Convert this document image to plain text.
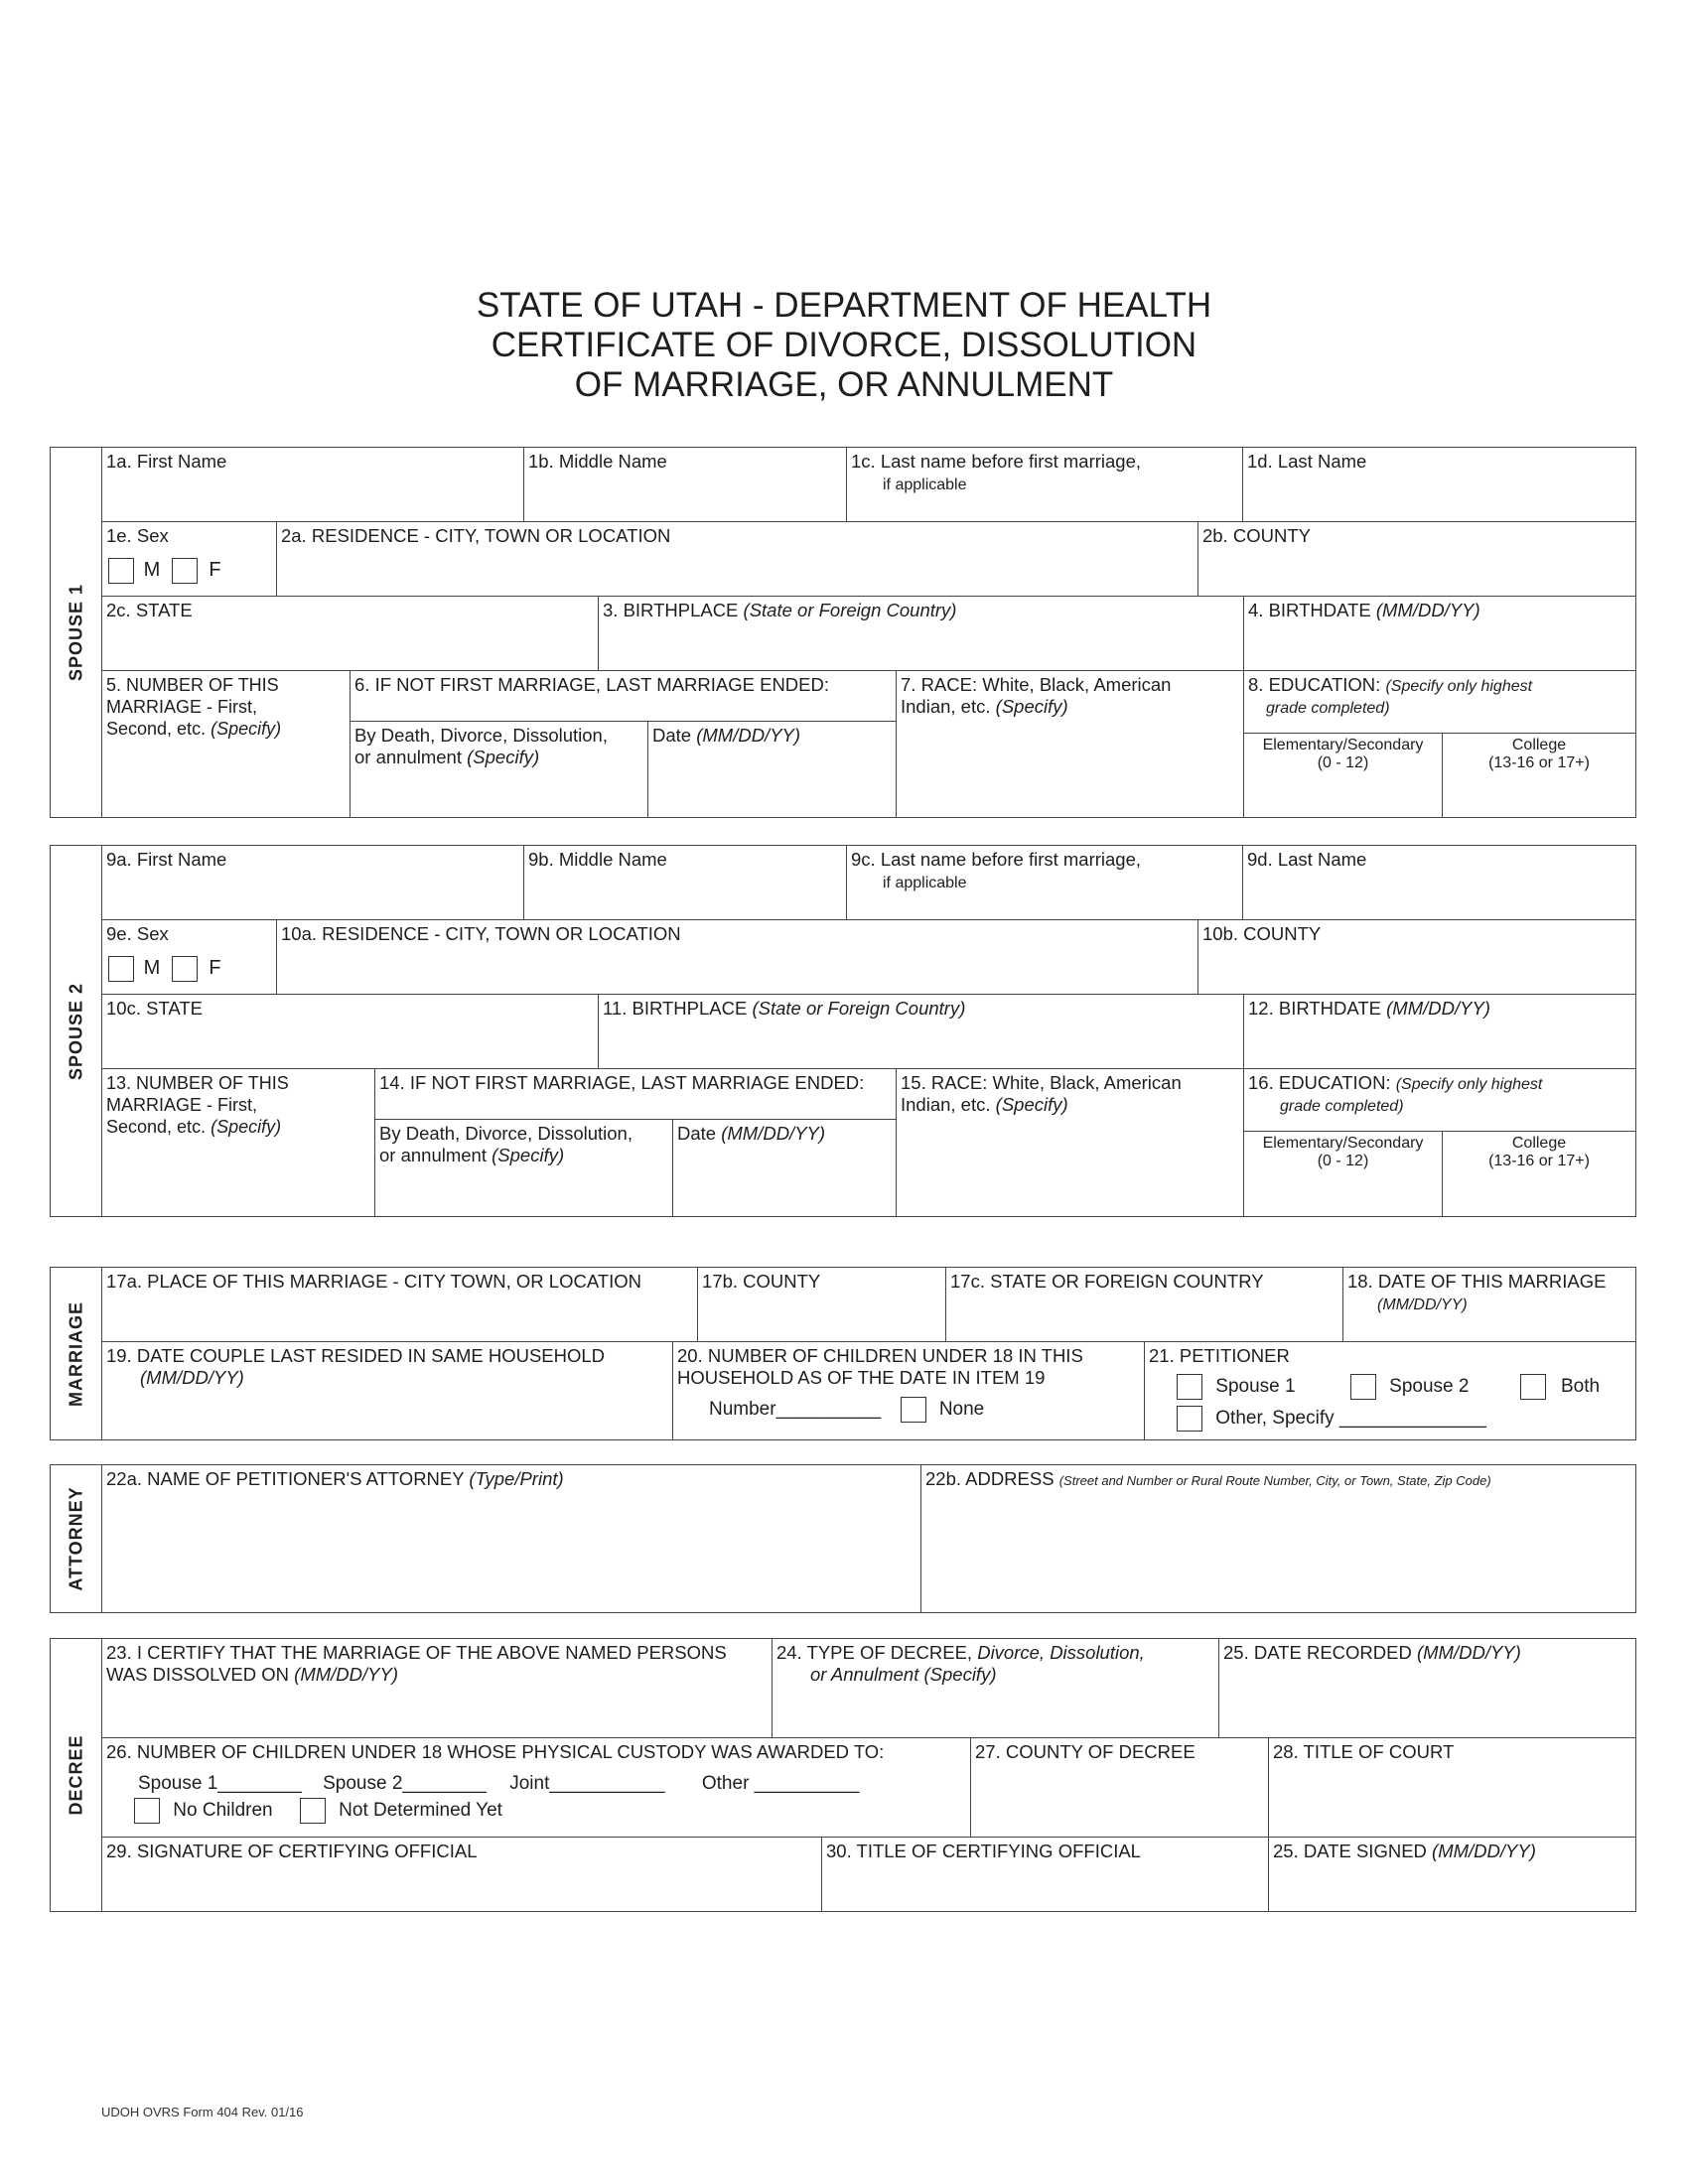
STATE OF UTAH - DEPARTMENT OF HEALTH
CERTIFICATE OF DIVORCE, DISSOLUTION
OF MARRIAGE, OR ANNULMENT
SPOUSE 1
1a. First Name	1b. Middle Name	1c. Last name before first marriage,
if applicable
1d. Last Name
1e. Sex
M F
2a. RESIDENCE - CITY, TOWN OR LOCATION	2b. COUNTY
2c. STATE	3. BIRTHPLACE (State or Foreign Country)	4. BIRTHDATE (MM/DD/YY)
5. NUMBER OF THIS
MARRIAGE - First,
Second, etc. (Specify)
6. IF NOT FIRST MARRIAGE, LAST MARRIAGE ENDED:
By Death, Divorce, Dissolution,
or annulment (Specify)
Date (MM/DD/YY)
7. RACE: White, Black, American
Indian, etc. (Specify)
8. EDUCATION: (Specify only highest
grade completed)
Elementary/Secondary
(0 - 12)
College
(13-16 or 17+)
SPOUSE 2
9a. First Name	9b. Middle Name	9c. Last name before first marriage,
if applicable
9d. Last Name
9e. Sex
M F
10a. RESIDENCE - CITY, TOWN OR LOCATION	10b. COUNTY
10c. STATE	11. BIRTHPLACE (State or Foreign Country)	12. BIRTHDATE (MM/DD/YY)
13. NUMBER OF THIS
MARRIAGE - First,
Second, etc. (Specify)
14. IF NOT FIRST MARRIAGE, LAST MARRIAGE ENDED:
By Death, Divorce, Dissolution,
or annulment (Specify)
Date (MM/DD/YY)
15. RACE: White, Black, American
Indian, etc. (Specify)
16. EDUCATION: (Specify only highest
grade completed)
Elementary/Secondary
(0 - 12)
College
(13-16 or 17+)
MARRIAGE
17a. PLACE OF THIS MARRIAGE - CITY TOWN, OR LOCATION	17b. COUNTY	17c. STATE OR FOREIGN COUNTRY	18. DATE OF THIS MARRIAGE
(MM/DD/YY)
19. DATE COUPLE LAST RESIDED IN SAME HOUSEHOLD
(MM/DD/YY)
20. NUMBER OF CHILDREN UNDER 18 IN THIS
HOUSEHOLD AS OF THE DATE IN ITEM 19
Number__________	None
21. PETITIONER
Spouse 1	Spouse 2	Both
Other, Specify ______________
ATTORNEY
22a. NAME OF PETITIONER'S ATTORNEY (Type/Print)	22b. ADDRESS (Street and Number or Rural Route Number, City, or Town, State, Zip Code)
DECREE
23. I CERTIFY THAT THE MARRIAGE OF THE ABOVE NAMED PERSONS
WAS DISSOLVED ON (MM/DD/YY)
24. TYPE OF DECREE, Divorce, Dissolution,
or Annulment (Specify)
25. DATE RECORDED (MM/DD/YY)
26. NUMBER OF CHILDREN UNDER 18 WHOSE PHYSICAL CUSTODY WAS AWARDED TO:
Spouse 1________ Spouse 2________ Joint___________ Other __________
No Children	Not Determined Yet
27. COUNTY OF DECREE	28. TITLE OF COURT
29. SIGNATURE OF CERTIFYING OFFICIAL	30. TITLE OF CERTIFYING OFFICIAL	25. DATE SIGNED (MM/DD/YY)
UDOH OVRS Form 404 Rev. 01/16
